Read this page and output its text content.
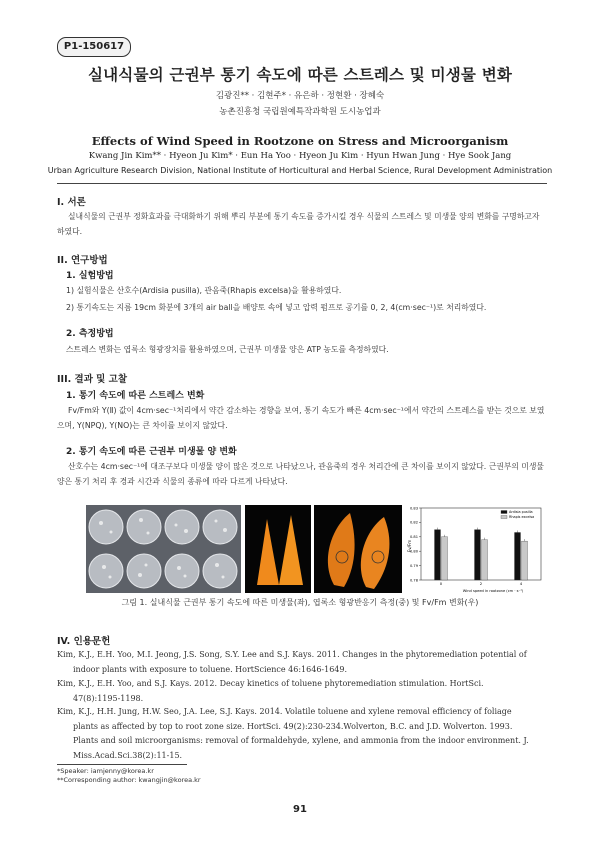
P1-150617
실내식물의 근권부 통기 속도에 따른 스트레스 및 미생물 변화
김광진** · 김현주* · 유은하 · 정현환 · 장혜숙
농촌진흥청 국립원예특작과학원 도시농업과
Effects of Wind Speed in Rootzone on Stress and Microorganism
Kwang Jin Kim** · Hyeon Ju Kim* · Eun Ha Yoo · Hyeon Ju Kim · Hyun Hwan Jung · Hye Sook Jang
Urban Agriculture Research Division, National Institute of Horticultural and Herbal Science, Rural Development Administration
I. 서론
실내식물의 근권부 정화효과를 극대화하기 위해 뿌리 부분에 통기 속도를 증가시킬 경우 식물의 스트레스 및 미생물 양의 변화를 구명하고자 하였다.
II. 연구방법
1. 실험방법
1) 실험식물은 산호수(Ardisia pusilla), 관음죽(Rhapis excelsa)을 활용하였다.
2) 통기속도는 지름 19cm 화분에 3개의 air ball을 배양토 속에 넣고 압력 펌프로 공기를 0, 2, 4(cm·sec⁻¹)로 처리하였다.
2. 측정방법
스트레스 변화는 엽록소 형광장치를 활용하였으며, 근권부 미생물 양은 ATP 농도를 측정하였다.
III. 결과 및 고찰
1. 통기 속도에 따른 스트레스 변화
Fv/Fm와 Y(Ⅱ) 값이 4cm·sec⁻¹처리에서 약간 감소하는 경향을 보여, 통기 속도가 빠른 4cm·sec⁻¹에서 약간의 스트레스를 받는 것으로 보였으며, Y(NPQ), Y(NO)는 큰 차이를 보이지 않았다.
2. 통기 속도에 따른 근권부 미생물 양 변화
산호수는 4cm·sec⁻¹에 대조구보다 미생물 양이 많은 것으로 나타났으나, 관음죽의 경우 처리간에 큰 차이를 보이지 않았다. 근권부의 미생물 양은 통기 처리 후 경과 시간과 식물의 종류에 따라 다르게 나타났다.
Fv/Fm
Wind speed in rootzone (cm · s⁻¹)
0.78
0.79
0.80
0.81
0.82
0.83
0	2	4
Ardisia pusilla
Rhapis excelsa
그림 1. 실내식물 근권부 통기 속도에 따른 미생물(좌), 엽록소 형광반응기 측정(중) 및 Fv/Fm 변화(우)
IV. 인용문헌
Kim, K.J., E.H. Yoo, M.I. Jeong, J.S. Song, S.Y. Lee and S.J. Kays. 2011. Changes in the phytoremediation potential of
indoor plants with exposure to toluene. HortScience 46:1646-1649.
Kim, K.J., E.H. Yoo, and S.J. Kays. 2012. Decay kinetics of toluene phytoremediation stimulation. HortSci.
47(8):1195-1198.
Kim, K.J., H.H. Jung, H.W. Seo, J.A. Lee, S.J. Kays. 2014. Volatile toluene and xylene removal efficiency of foliage
plants as affected by top to root zone size. HortSci. 49(2):230-234.Wolverton, B.C. and J.D. Wolverton. 1993.
Plants and soil microorganisms: removal of formaldehyde, xylene, and ammonia from the indoor environment. J.
Miss.Acad.Sci.38(2):11-15.
*Speaker: iamjenny@korea.kr
**Corresponding author: kwangjin@korea.kr
91
